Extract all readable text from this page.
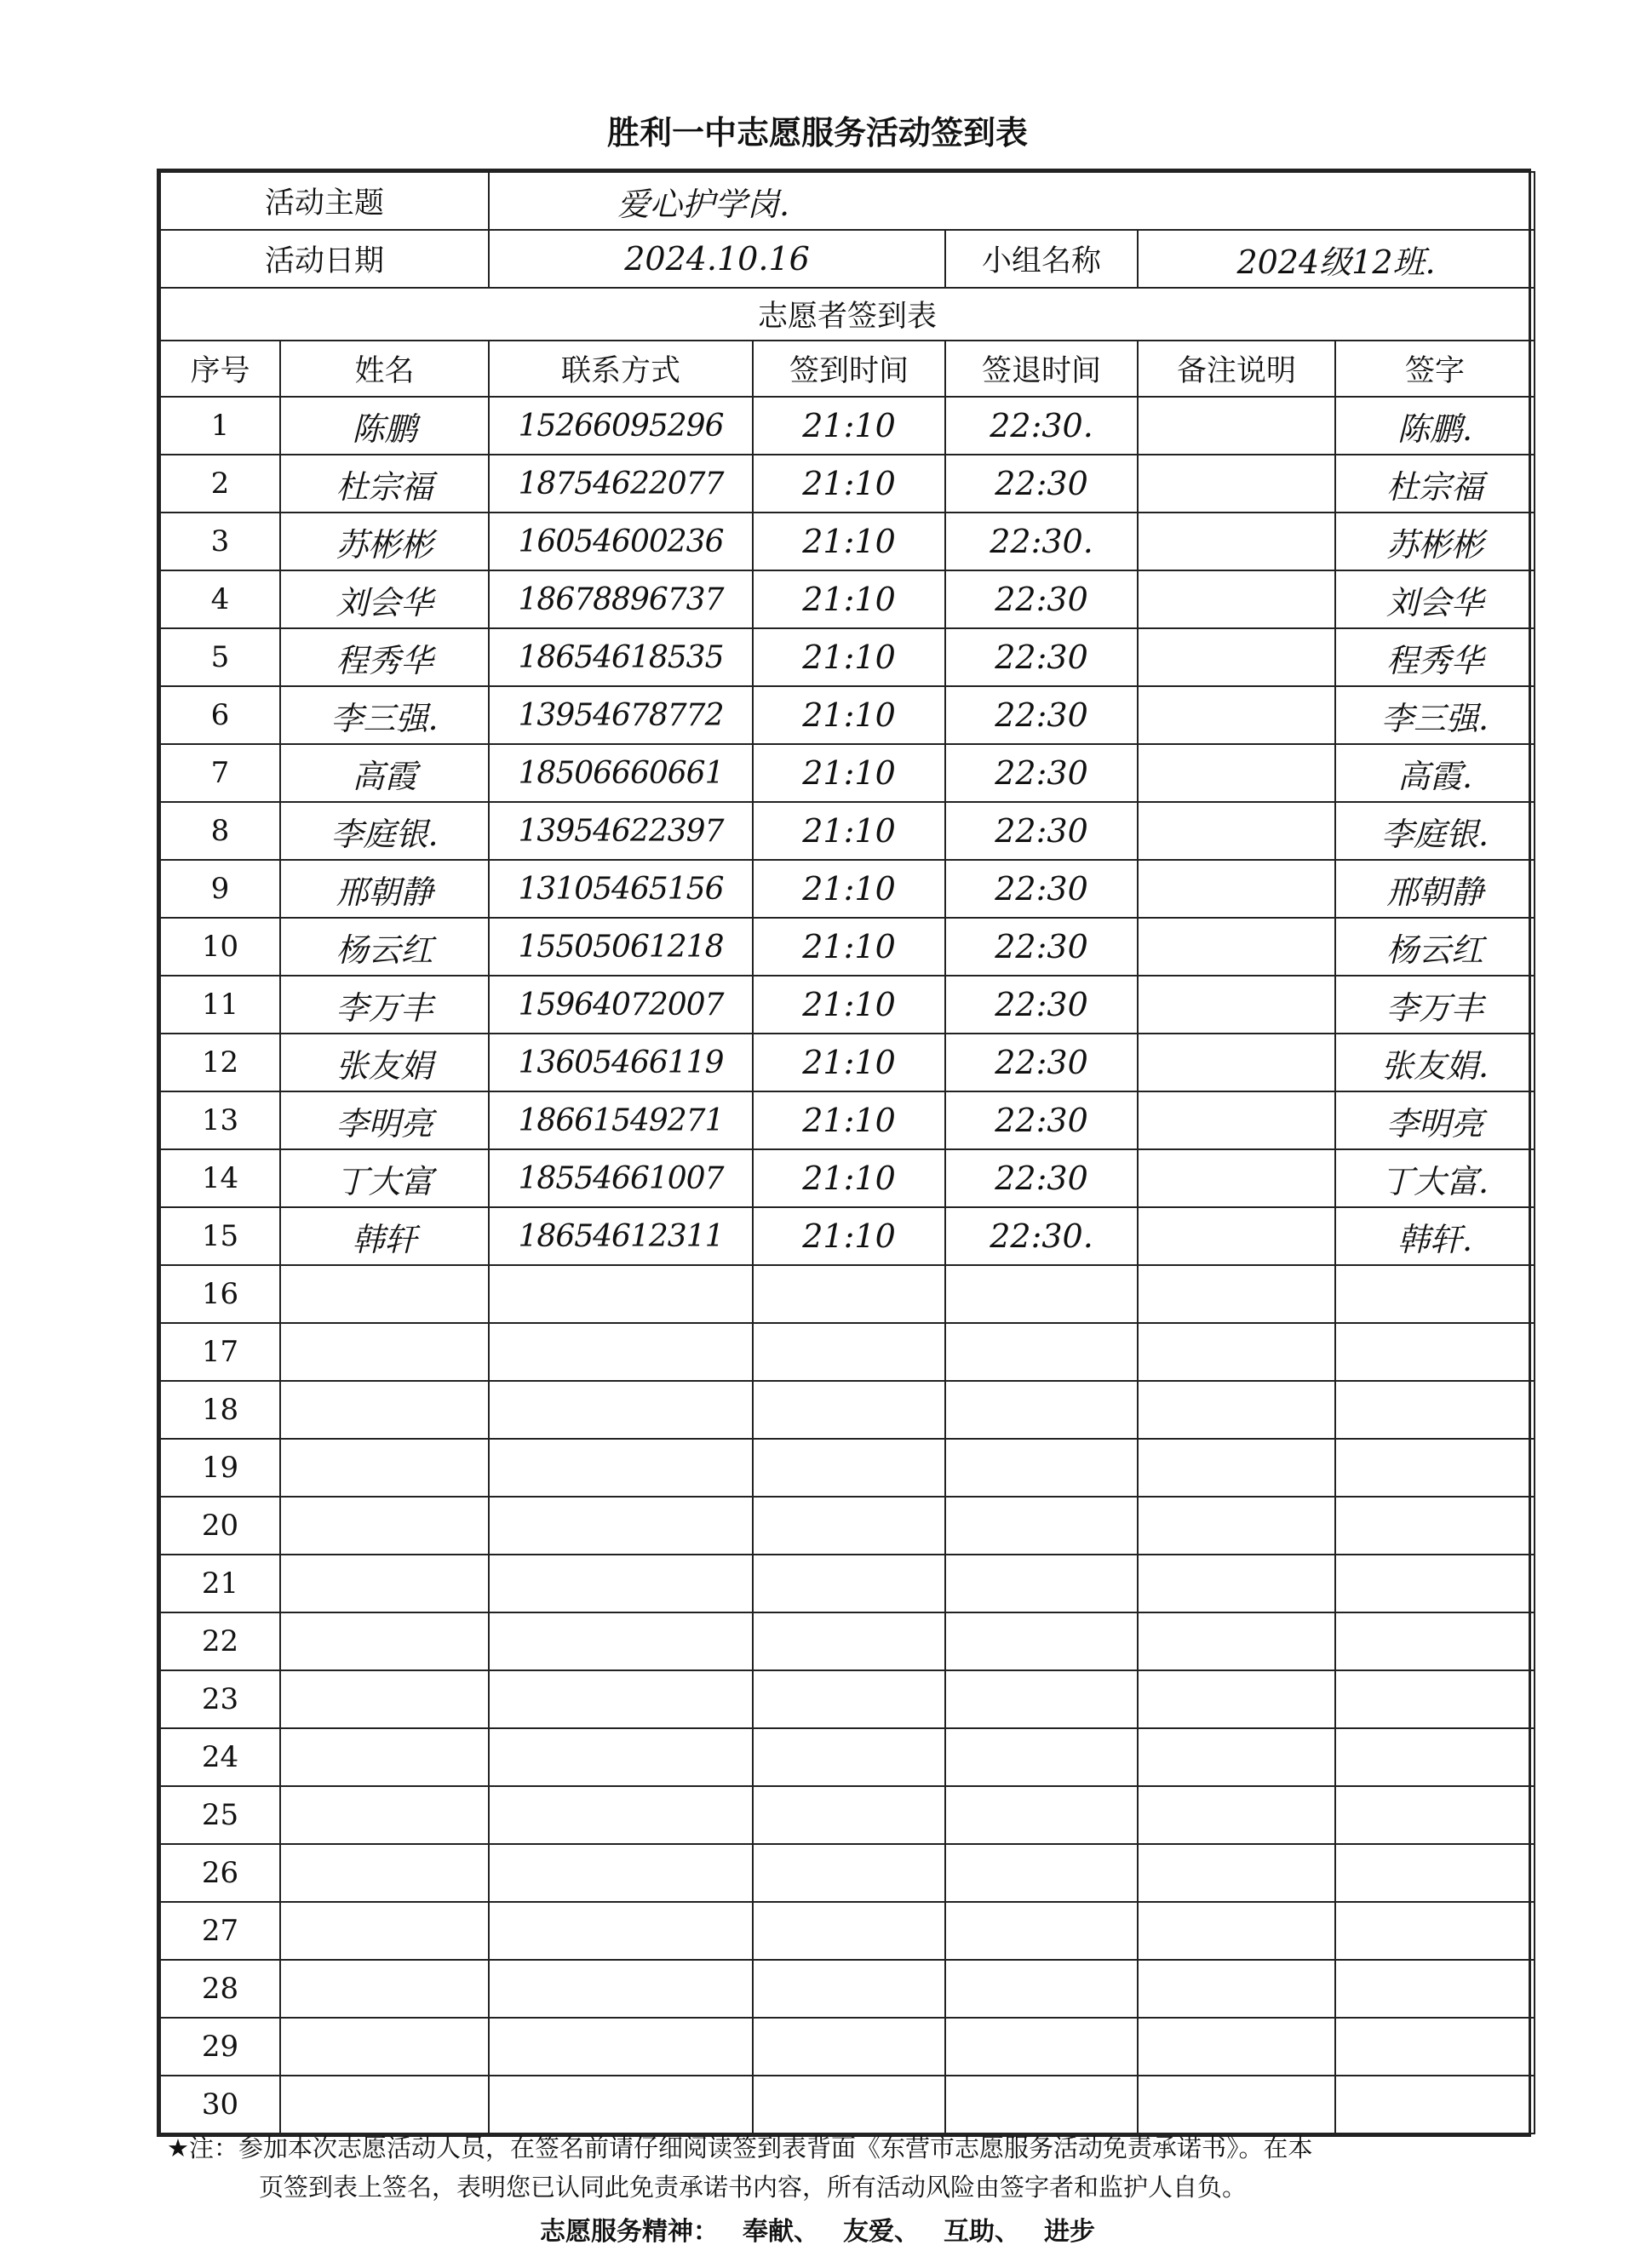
胜利一中志愿服务活动签到表
活动主题		爱心护学岗.				
活动日期		2024.10.16		小组名称	2024级12班.	
志愿者签到表						
序号	姓名	联系方式	签到时间	签退时间	备注说明	签字
1	陈鹏	15266095296	21:10	22:30.		陈鹏.
2	杜宗福	18754622077	21:10	22:30		杜宗福
3	苏彬彬	16054600236	21:10	22:30.		苏彬彬
4	刘会华	18678896737	21:10	22:30		刘会华
5	程秀华	18654618535	21:10	22:30		程秀华
6	李三强.	13954678772	21:10	22:30		李三强.
7	高霞	18506660661	21:10	22:30		高霞.
8	李庭银.	13954622397	21:10	22:30		李庭银.
9	邢朝静	13105465156	21:10	22:30		邢朝静
10	杨云红	15505061218	21:10	22:30		杨云红
11	李万丰	15964072007	21:10	22:30		李万丰
12	张友娟	13605466119	21:10	22:30		张友娟.
13	李明亮	18661549271	21:10	22:30		李明亮
14	丁大富	18554661007	21:10	22:30		丁大富.
15	韩轩	18654612311	21:10	22:30.		韩轩.
16						
17						
18						
19						
20						
21						
22						
23						
24						
25						
26						
27						
28						
29						
30						
★注：参加本次志愿活动人员，在签名前请仔细阅读签到表背面《东营市志愿服务活动免责承诺书》。在本
页签到表上签名，表明您已认同此免责承诺书内容，所有活动风险由签字者和监护人自负。
志愿服务精神： 奉献、 友爱、 互助、 进步
